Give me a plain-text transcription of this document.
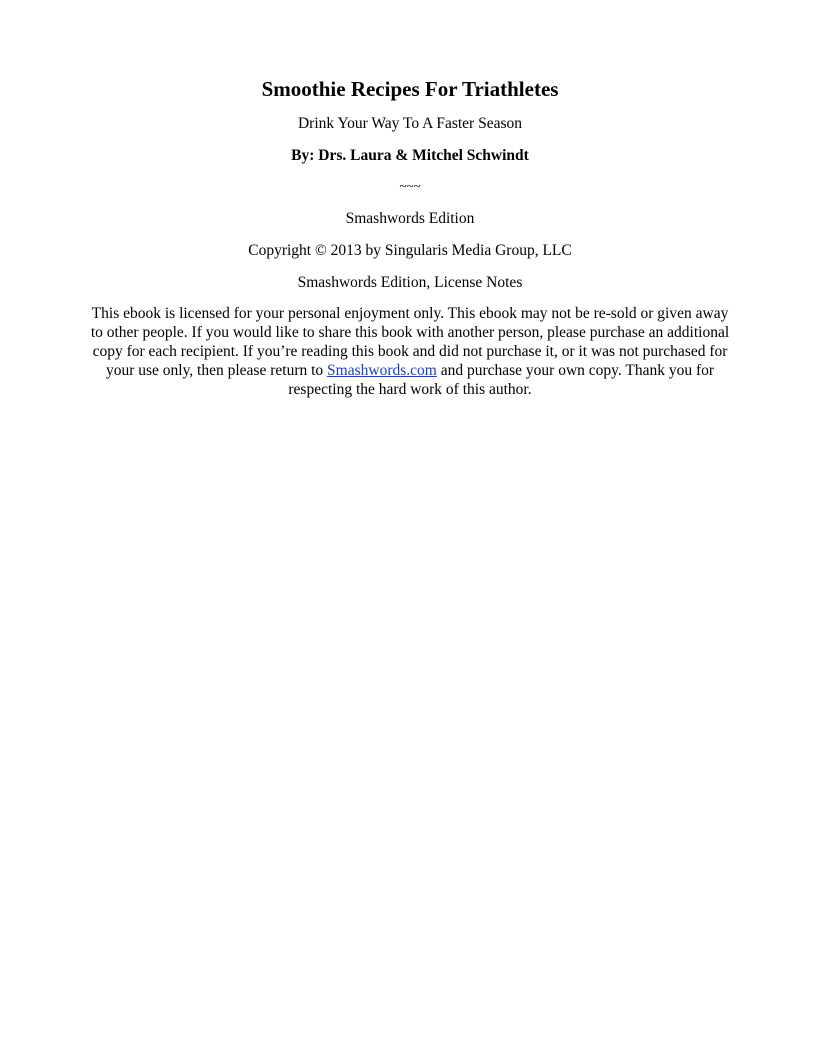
Smoothie Recipes For Triathletes
Drink Your Way To A Faster Season
By: Drs. Laura & Mitchel Schwindt
~~~
Smashwords Edition
Copyright © 2013 by Singularis Media Group, LLC
Smashwords Edition, License Notes
This ebook is licensed for your personal enjoyment only. This ebook may not be re-sold or given away
to other people. If you would like to share this book with another person, please purchase an additional
copy for each recipient. If you’re reading this book and did not purchase it, or it was not purchased for
your use only, then please return to Smashwords.com and purchase your own copy. Thank you for
respecting the hard work of this author.
